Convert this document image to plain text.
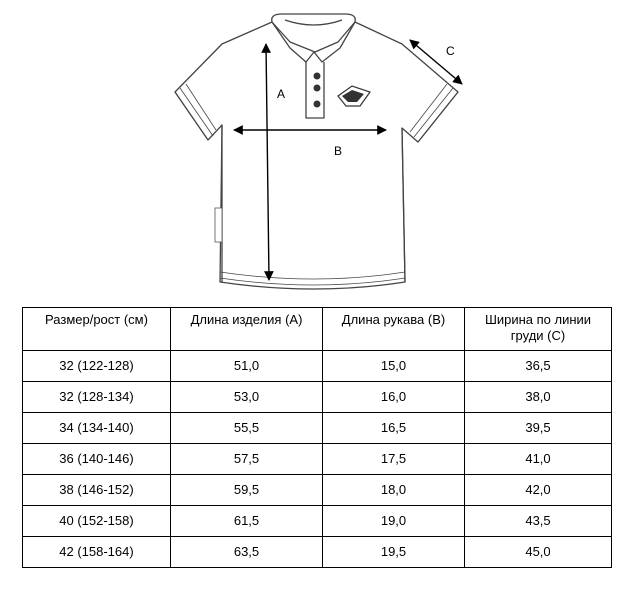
A
B
C
Размер/рост (см)	Длина изделия (А)	Длина рукава (В)	Ширина по линии груди (С)
32 (122-128)	51,0	15,0	36,5
32 (128-134)	53,0	16,0	38,0
34 (134-140)	55,5	16,5	39,5
36 (140-146)	57,5	17,5	41,0
38 (146-152)	59,5	18,0	42,0
40 (152-158)	61,5	19,0	43,5
42 (158-164)	63,5	19,5	45,0
